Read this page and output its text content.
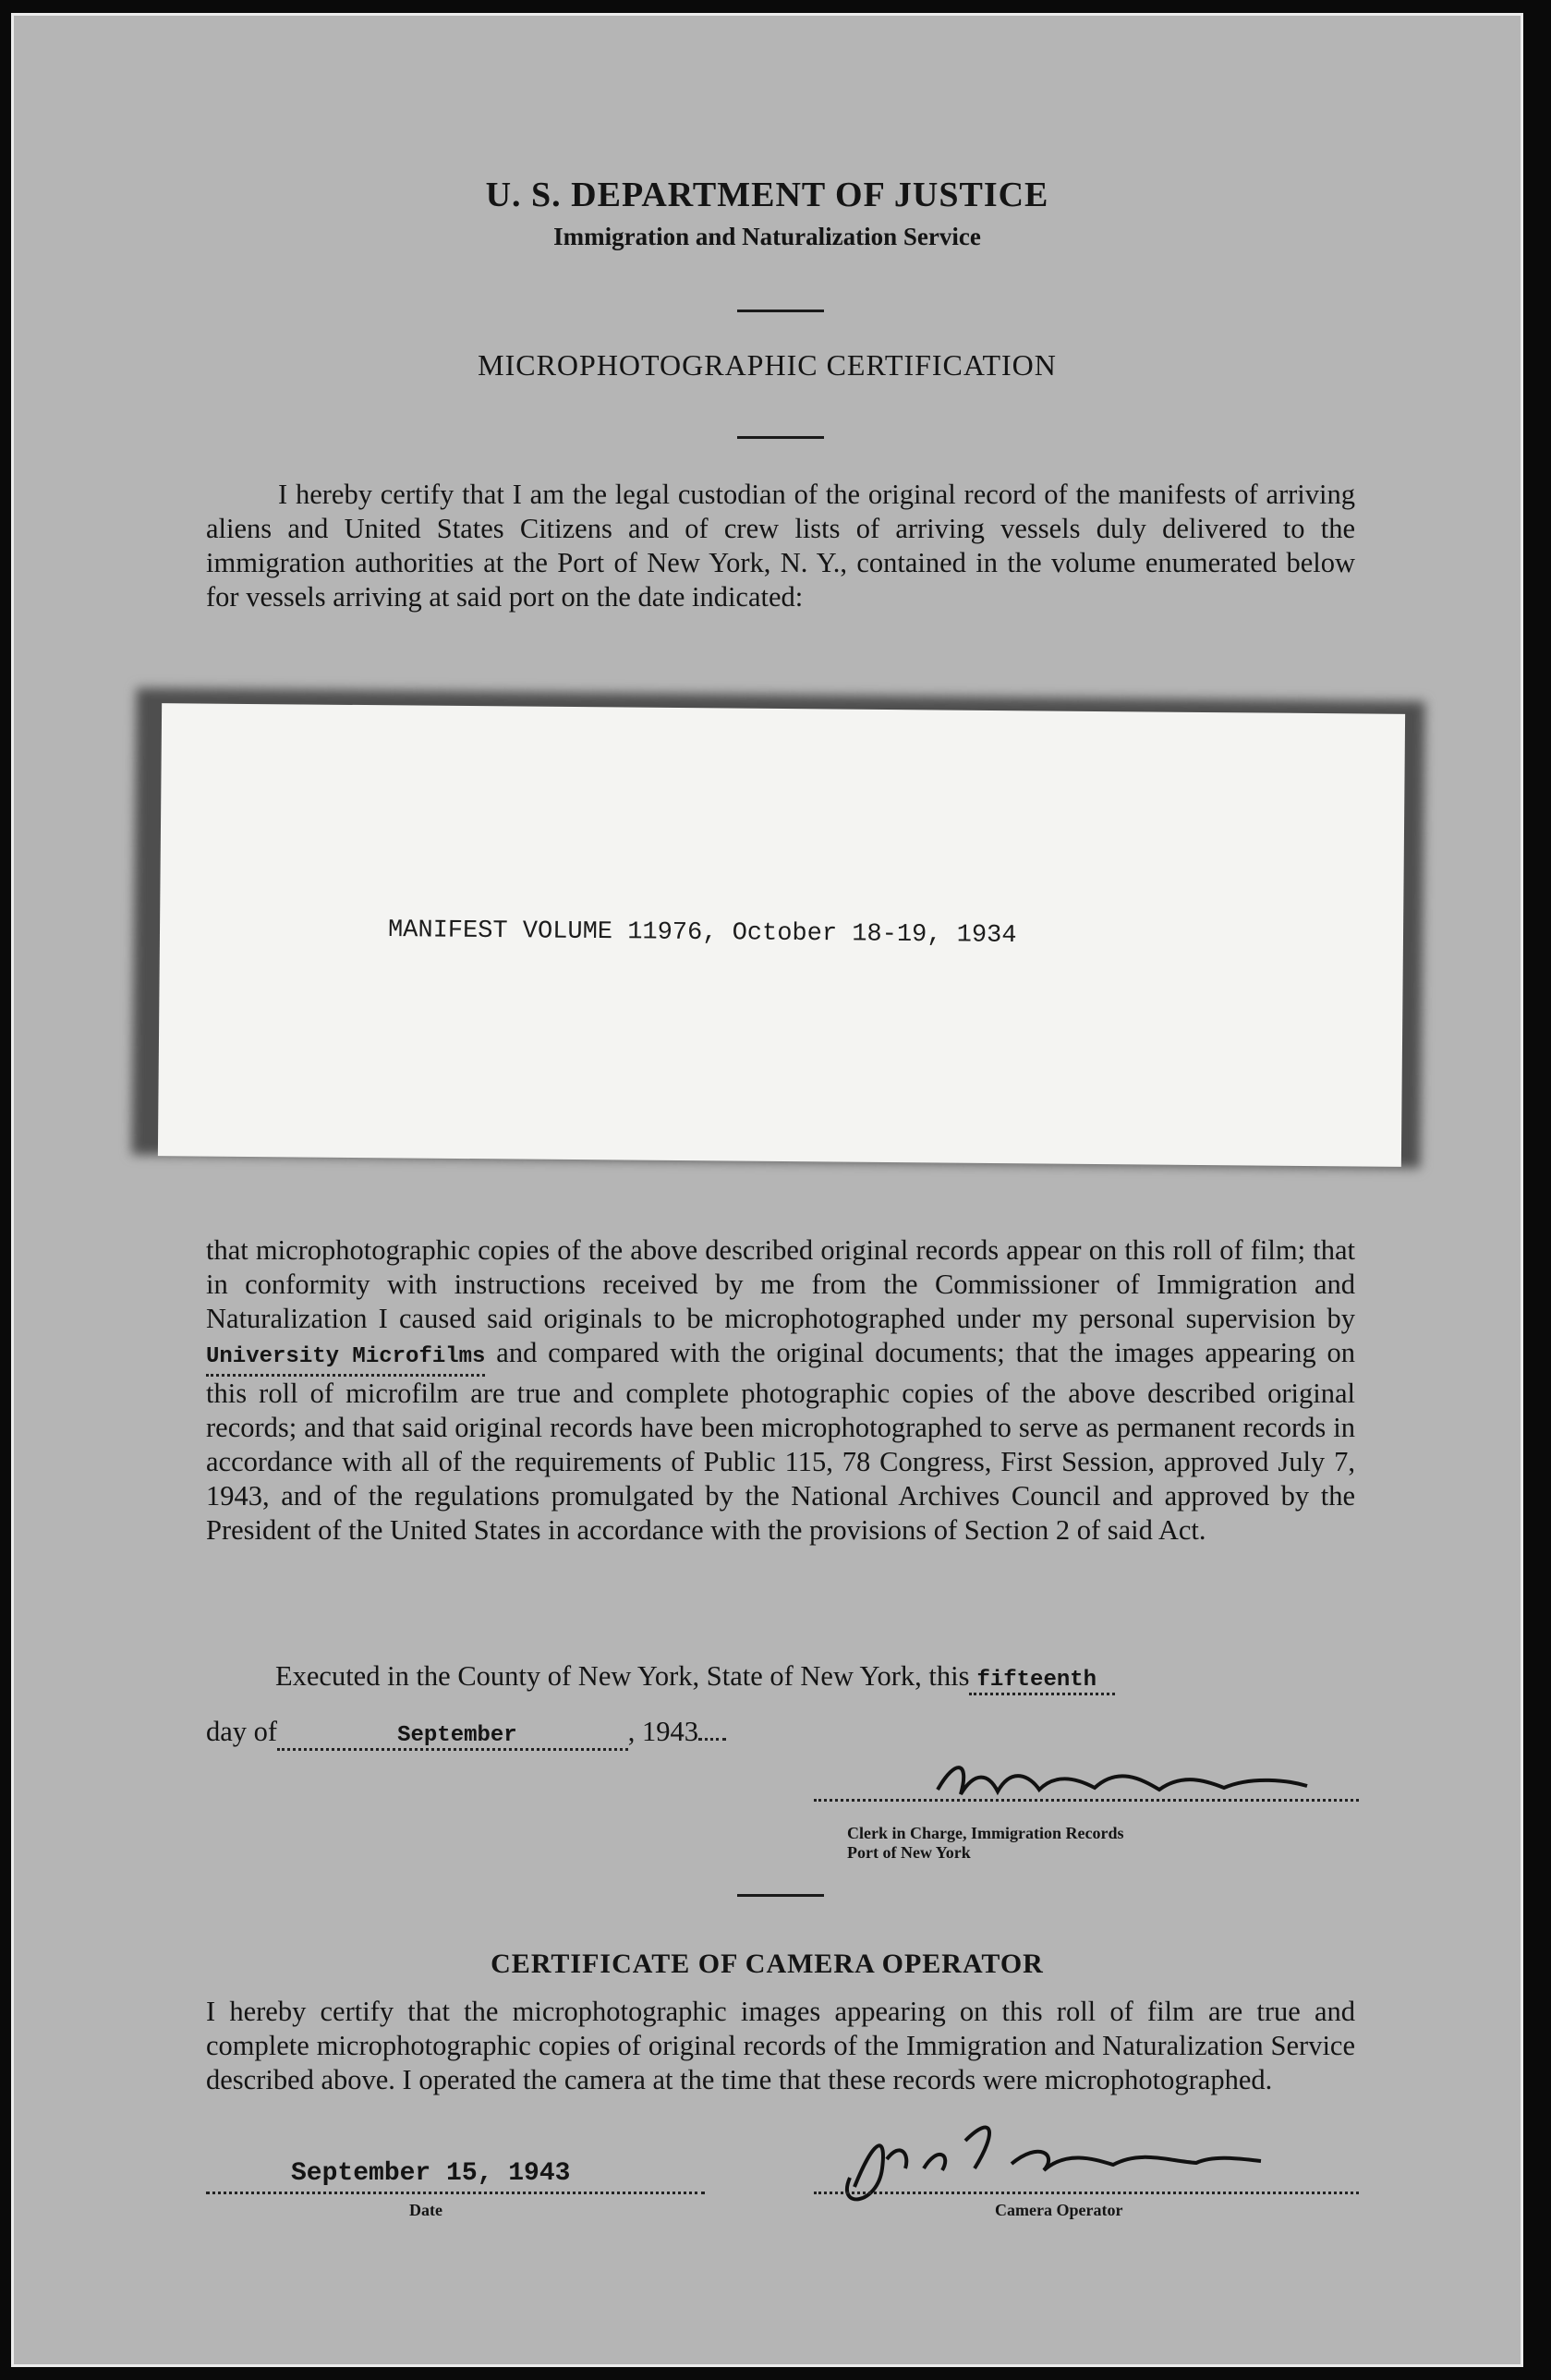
U. S. DEPARTMENT OF JUSTICE
Immigration and Naturalization Service
MICROPHOTOGRAPHIC CERTIFICATION

I hereby certify that I am the legal custodian of the original record of the manifests of arriving aliens and United States Citizens and of crew lists of arriving vessels duly delivered to the immigration authorities at the Port of New York, N. Y., contained in the volume enumerated below for vessels arriving at said port on the date indicated:

MANIFEST VOLUME 11976, October 18-19, 1934

that microphotographic copies of the above described original records appear on this roll of film; that in conformity with instructions received by me from the Commissioner of Immigration and Naturalization I caused said originals to be microphotographed under my personal supervision by University Microfilms and compared with the original documents; that the images appearing on this roll of microfilm are true and complete photographic copies of the above described original records; and that said original records have been microphotographed to serve as permanent records in accordance with all of the requirements of Public 115, 78 Congress, First Session, approved July 7, 1943, and of the regulations promulgated by the National Archives Council and approved by the President of the United States in accordance with the provisions of Section 2 of said Act.

Executed in the County of New York, State of New York, this fifteenth
day of	September	, 1943
Clerk in Charge, Immigration Records
Port of New York
CERTIFICATE OF CAMERA OPERATOR

I hereby certify that the microphotographic images appearing on this roll of film are true and complete microphotographic copies of original records of the Immigration and Naturalization Service described above. I operated the camera at the time that these records were microphotographed.

September 15, 1943
Date	Camera Operator
